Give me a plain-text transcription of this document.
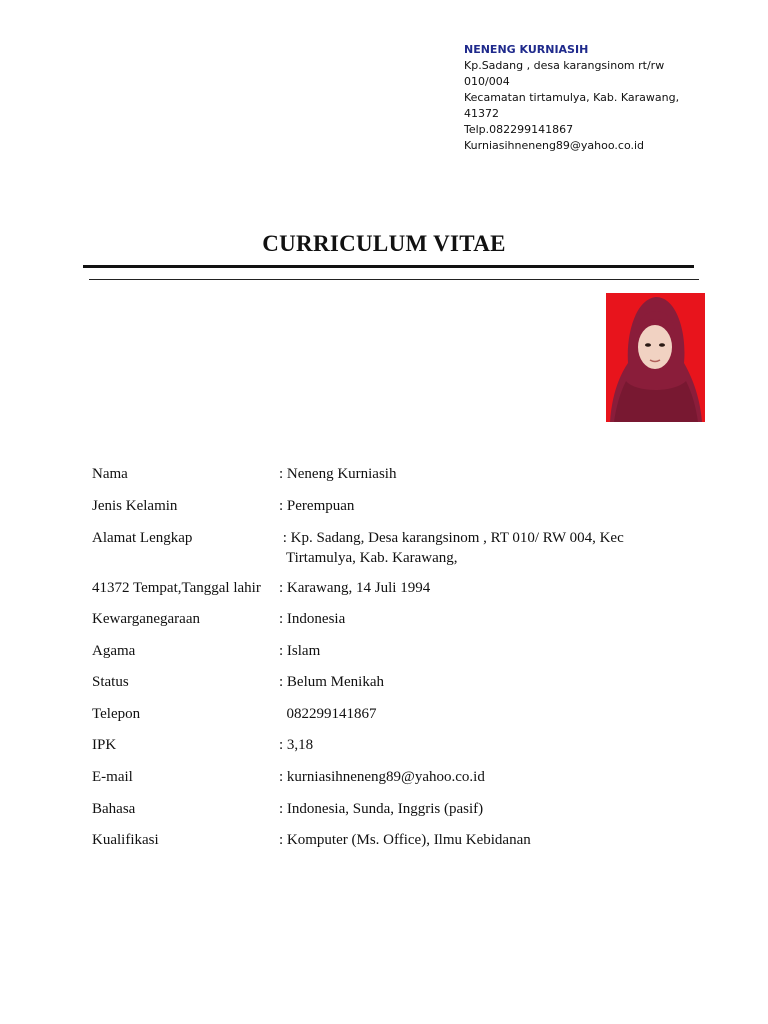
NENENG KURNIASIH
Kp.Sadang , desa karangsinom rt/rw
010/004
Kecamatan tirtamulya, Kab. Karawang,
41372
Telp.082299141867
Kurniasihneneng89@yahoo.co.id
CURRICULUM VITAE
Nama	: Neneng Kurniasih
Jenis Kelamin	: Perempuan
Alamat Lengkap	: Kp. Sadang, Desa karangsinom , RT 010/ RW 004, Kec
Tirtamulya, Kab. Karawang,
41372 Tempat,Tanggal lahir	: Karawang, 14 Juli 1994
Kewarganegaraan	: Indonesia
Agama	: Islam
Status	: Belum Menikah
Telepon	082299141867
IPK	: 3,18
E-mail	: kurniasihneneng89@yahoo.co.id
Bahasa	: Indonesia, Sunda, Inggris (pasif)
Kualifikasi	: Komputer (Ms. Office), Ilmu Kebidanan
